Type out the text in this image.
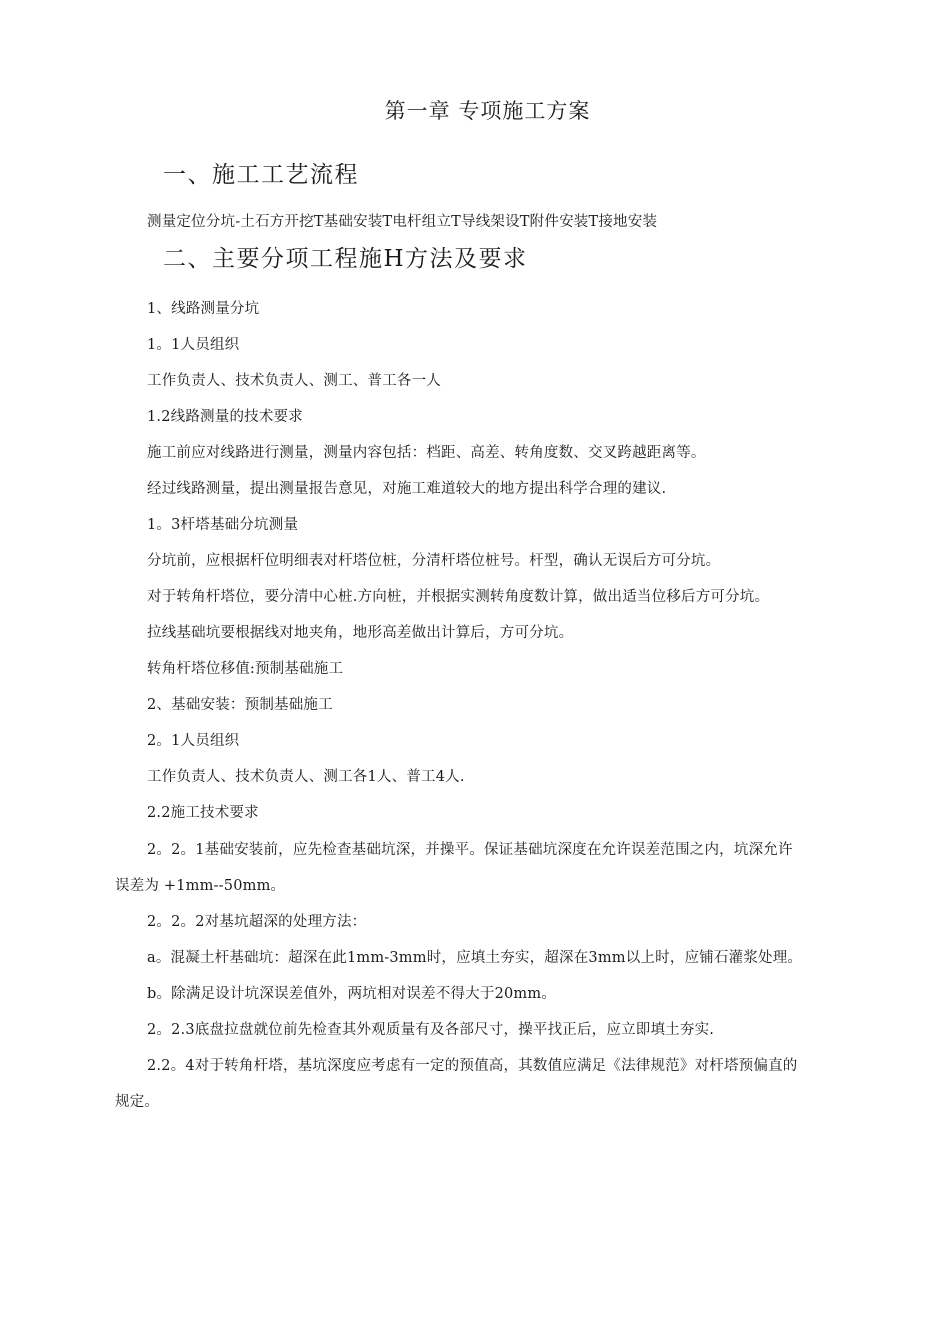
第一章 专项施工方案
一、施工工艺流程
测量定位分坑-土石方开挖T基础安装T电杆组立T导线架设T附件安装T接地安装
二、主要分项工程施H方法及要求
1、线路测量分坑
1。1人员组织
工作负责人、技术负责人、测工、普工各一人
1.2线路测量的技术要求
施工前应对线路进行测量，测量内容包括：档距、高差、转角度数、交叉跨越距离等。
经过线路测量，提出测量报告意见，对施工难道较大的地方提出科学合理的建议.
1。3杆塔基础分坑测量
分坑前，应根据杆位明细表对杆塔位桩，分清杆塔位桩号。杆型，确认无误后方可分坑。
对于转角杆塔位，要分清中心桩.方向桩，并根据实测转角度数计算，做出适当位移后方可分坑。
拉线基础坑要根据线对地夹角，地形高差做出计算后，方可分坑。
转角杆塔位移值:预制基础施工
2、基础安装：预制基础施工
2。1人员组织
工作负责人、技术负责人、测工各1人、普工4人.
2.2施工技术要求
2。2。1基础安装前，应先检查基础坑深，并操平。保证基础坑深度在允许误差范围之内，坑深允许
误差为 +1mm--50mm。
2。2。2对基坑超深的处理方法：
a。混凝土杆基础坑：超深在此1mm-3mm时，应填土夯实，超深在3mm以上时，应铺石灌浆处理。
b。除满足设计坑深误差值外，两坑相对误差不得大于20mm。
2。2.3底盘拉盘就位前先检查其外观质量有及各部尺寸，操平找正后，应立即填土夯实.
2.2。4对于转角杆塔，基坑深度应考虑有一定的预值高，其数值应满足《法律规范》对杆塔预偏直的
规定。
